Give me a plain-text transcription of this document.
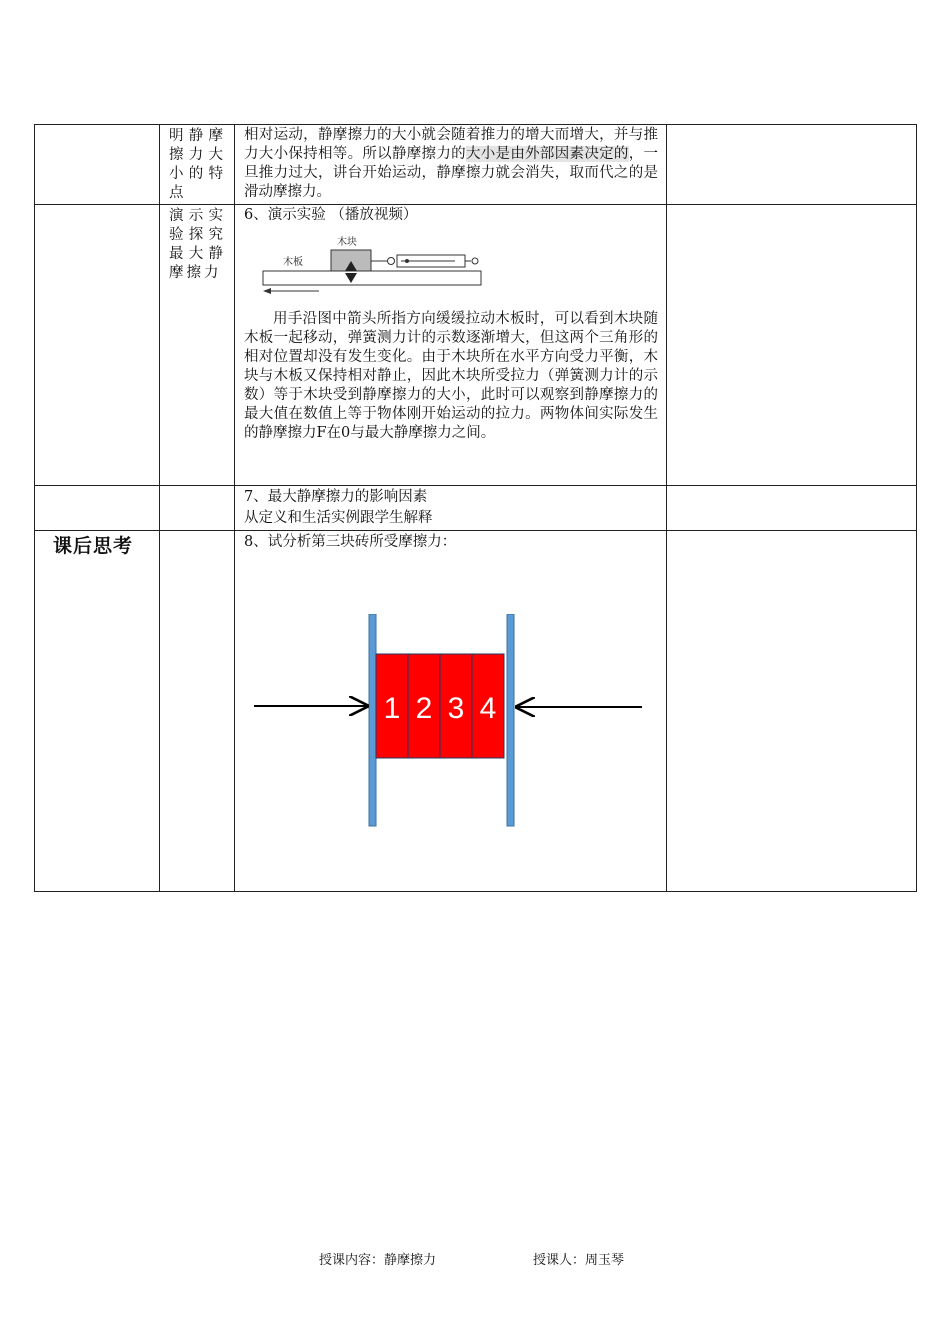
	明静摩擦力大小的特点	相对运动，静摩擦力的大小就会随着推力的增大而增大，并与推力大小保持相等。所以静摩擦力的大小是由外部因素决定的，一旦推力过大，讲台开始运动，静摩擦力就会消失，取而代之的是滑动摩擦力。	

	演示实验探究最大静摩擦力	6、演示实验 （播放视频）
木块
木板
用手沿图中箭头所指方向缓缓拉动木板时，可以看到木块随木板一起移动，弹簧测力计的示数逐渐增大，但这两个三角形的相对位置却没有发生变化。由于木块所在水平方向受力平衡，木块与木板又保持相对静止，因此木块所受拉力（弹簧测力计的示数）等于木块受到静摩擦力的大小，此时可以观察到静摩擦力的最大值在数值上等于物体刚开始运动的拉力。两物体间实际发生的静摩擦力F在0与最大静摩擦力之间。	

		7、最大静摩擦力的影响因素
从定义和生活实例跟学生解释	

课后思考		8、试分析第三块砖所受摩擦力：
1 2 3 4	

授课内容：静摩擦力	授课人：周玉琴
